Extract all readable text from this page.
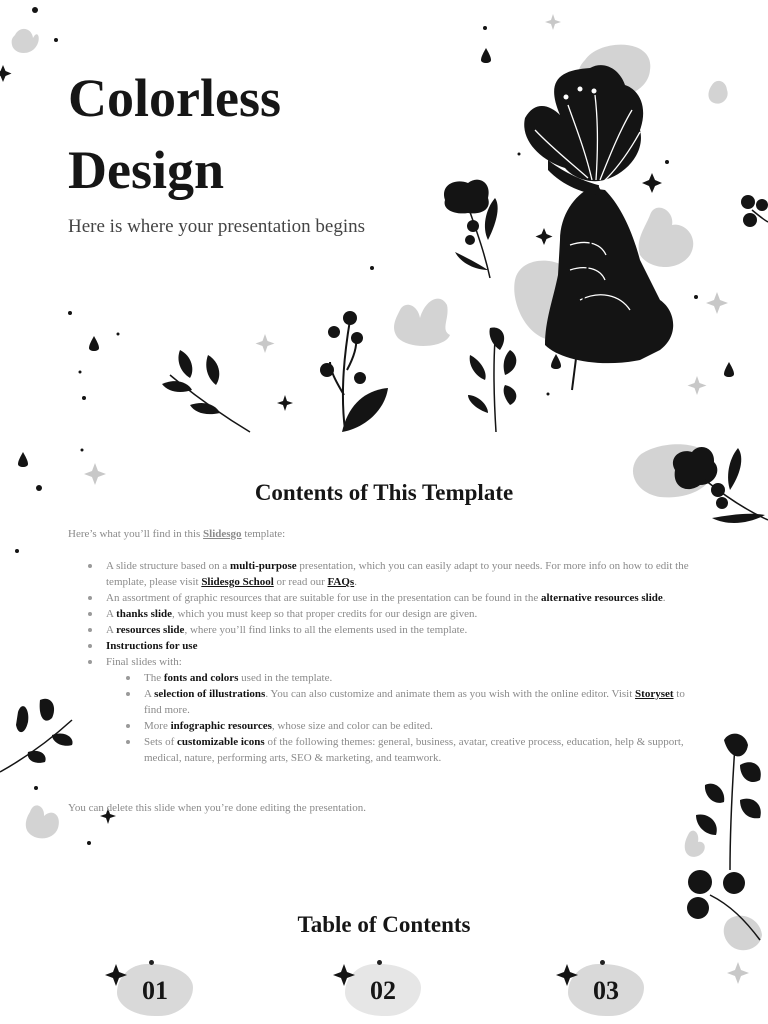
Colorless
Design
Here is where your presentation begins
Contents of This Template
Here’s what you’ll find in this Slidesgo template:
A slide structure based on a multi-purpose presentation, which you can easily adapt to your needs. For more info on how to edit the template, please visit Slidesgo School or read our FAQs.
An assortment of graphic resources that are suitable for use in the presentation can be found in the alternative resources slide.
A thanks slide, which you must keep so that proper credits for our design are given.
A resources slide, where you’ll find links to all the elements used in the template.
Instructions for use
Final slides with:
The fonts and colors used in the template.
A selection of illustrations. You can also customize and animate them as you wish with the online editor. Visit Storyset to find more.
More infographic resources, whose size and color can be edited.
Sets of customizable icons of the following themes: general, business, avatar, creative process, education, help & support, medical, nature, performing arts, SEO & marketing, and teamwork.
You can delete this slide when you’re done editing the presentation.
Table of Contents
01	02	03
